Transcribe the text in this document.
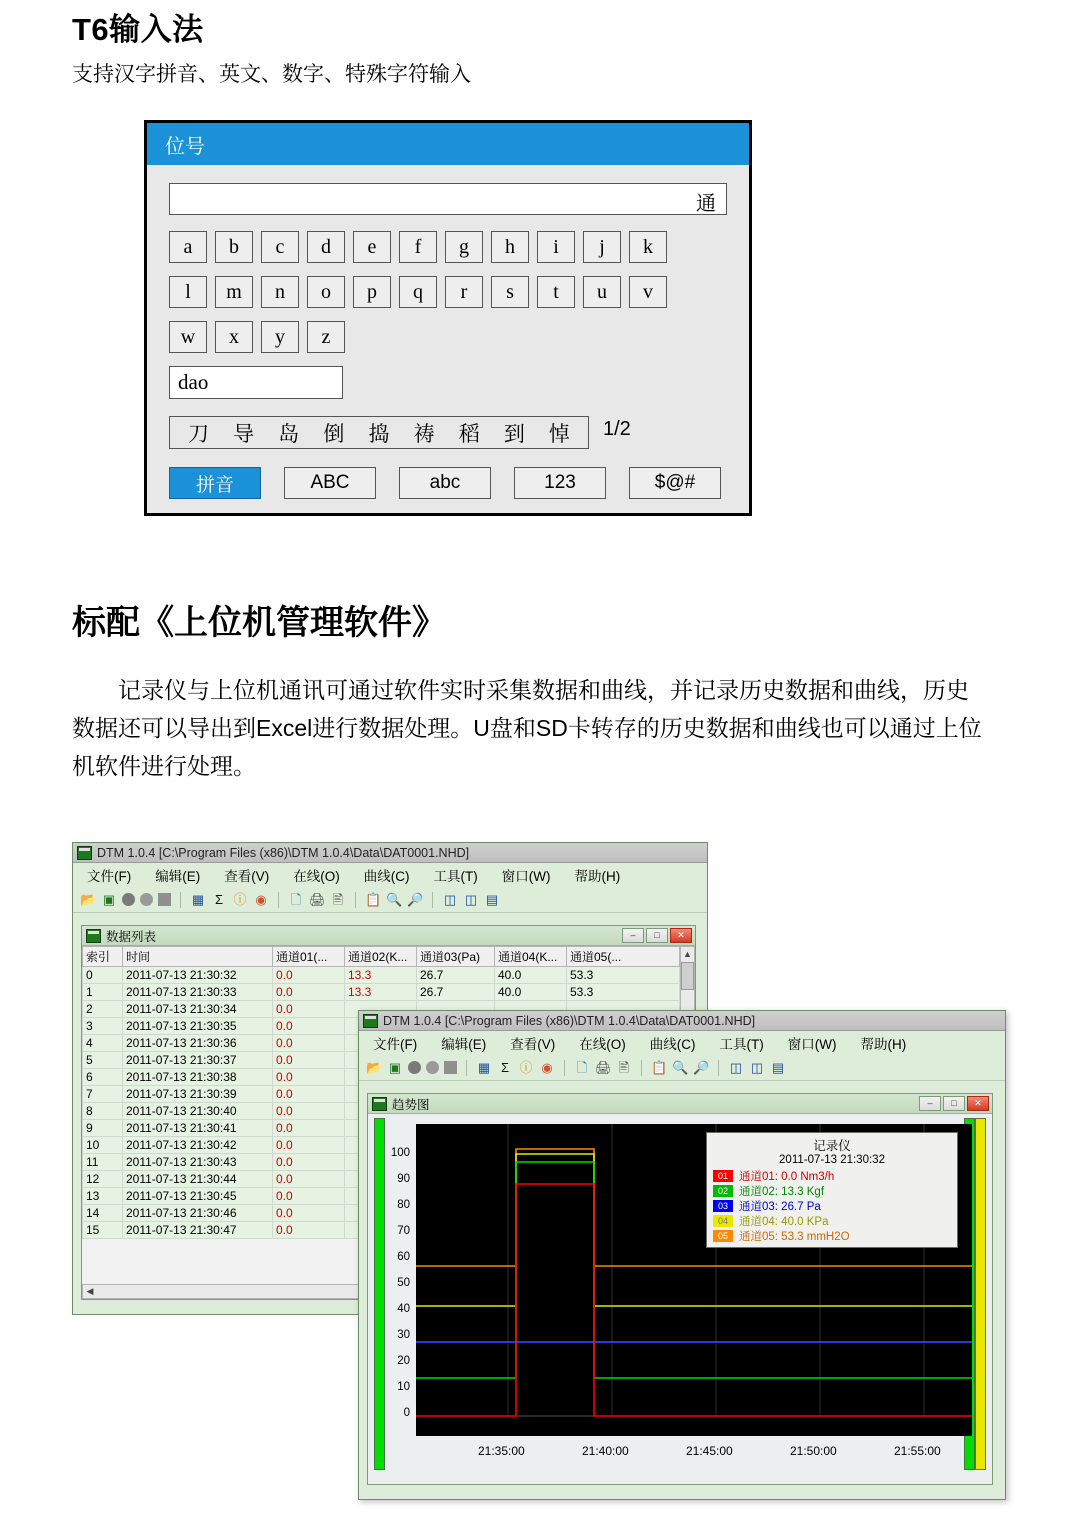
T6输入法
支持汉字拼音、英文、数字、特殊字符输入
位号
通
a	b	c	d	e	f	g	h	i	j	k
l	m	n	o	p	q	r	s	t	u	v
w	x	y	z
dao
刀 导 岛 倒 捣 祷 稻 到 悼 1/2
拼音	ABC	abc	123	$@#
标配《上位机管理软件》
记录仪与上位机通讯可通过软件实时采集数据和曲线，并记录历史数据和曲线，历史数据还可以导出到Excel进行数据处理。U盘和SD卡转存的历史数据和曲线也可以通过上位机软件进行处理。
DTM 1.0.4 [C:\Program Files (x86)\DTM 1.0.4\Data\DAT0001.NHD]
文件(F) 编辑(E) 查看(V) 在线(O) 曲线(C) 工具(T) 窗口(W) 帮助(H)
📂 ▣	▦ Σ ⓘ ◉ 🗋 🖨 🖹 📋 🔍 🔎 ◫ ◫ ▤
数据列表	–	□	✕
索引	时间	通道01(...	通道02(K...	通道03(Pa)	通道04(K...	通道05(...
0	2011-07-13 21:30:32	0.0	13.3	26.7	40.0	53.3
1	2011-07-13 21:30:33	0.0	13.3	26.7	40.0	53.3
2	2011-07-13 21:30:34	0.0				
3	2011-07-13 21:30:35	0.0				
4	2011-07-13 21:30:36	0.0				
5	2011-07-13 21:30:37	0.0				
6	2011-07-13 21:30:38	0.0				
7	2011-07-13 21:30:39	0.0				
8	2011-07-13 21:30:40	0.0				
9	2011-07-13 21:30:41	0.0				
10	2011-07-13 21:30:42	0.0				
11	2011-07-13 21:30:43	0.0				
12	2011-07-13 21:30:44	0.0				
13	2011-07-13 21:30:45	0.0				
14	2011-07-13 21:30:46	0.0				
15	2011-07-13 21:30:47	0.0				
▲
◀
DTM 1.0.4 [C:\Program Files (x86)\DTM 1.0.4\Data\DAT0001.NHD]
文件(F) 编辑(E) 查看(V) 在线(O) 曲线(C) 工具(T) 窗口(W) 帮助(H)
📂 ▣	▦ Σ ⓘ ◉ 🗋 🖨 🖹 📋 🔍 🔎 ◫ ◫ ▤
趋势图	–	□	✕
记录仪
2011-07-13 21:30:32
01 通道01: 0.0 Nm3/h
02 通道02: 13.3 Kgf
03 通道03: 26.7 Pa
04 通道04: 40.0 KPa
05 通道05: 53.3 mmH2O
100
90
80
70
60
50
40
30
20
10
0
21:35:00	21:40:00	21:45:00	21:50:00	21:55:00
